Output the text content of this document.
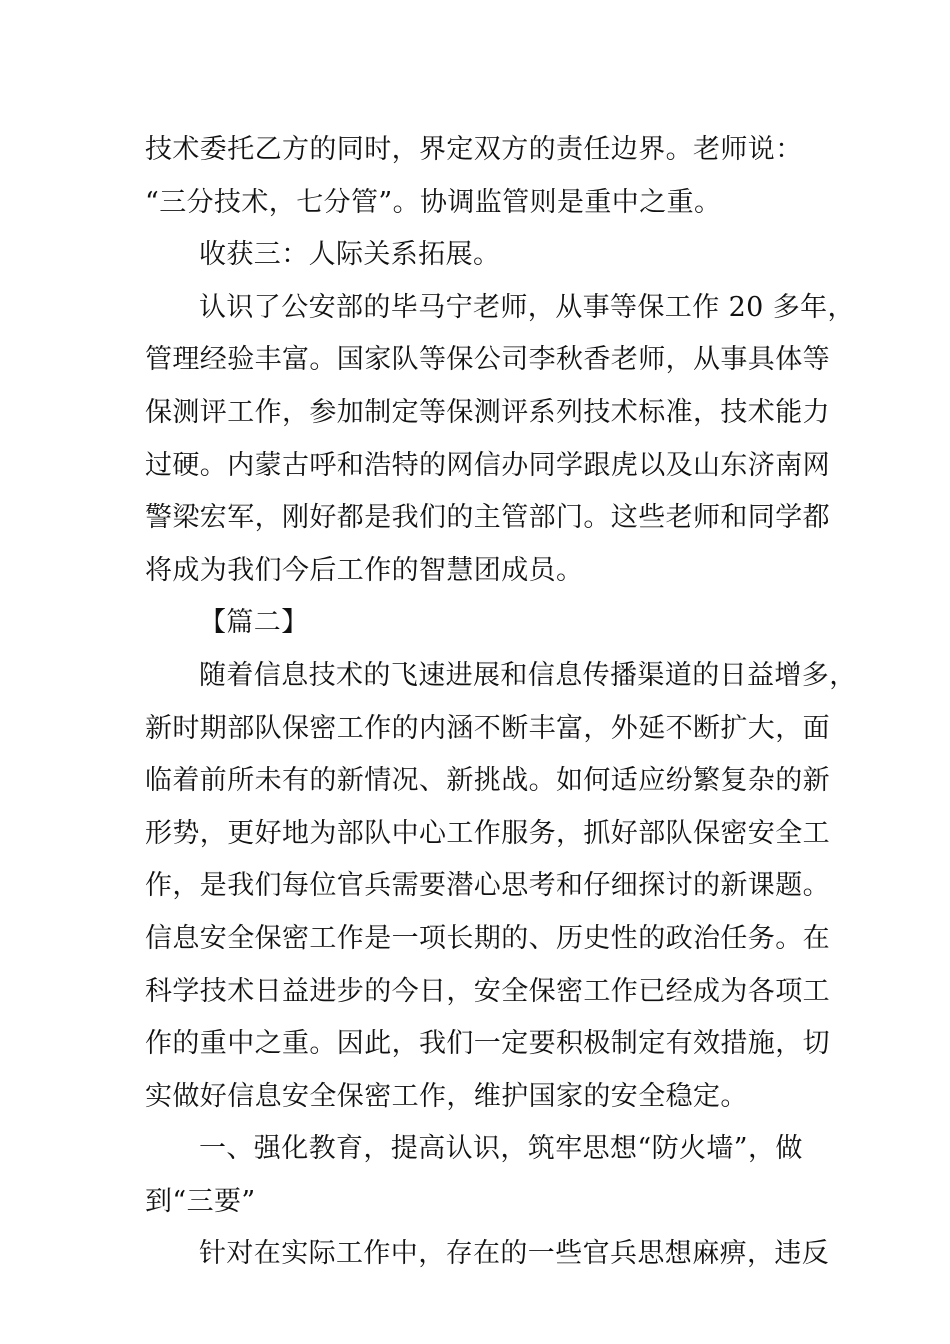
技术委托乙方的同时，界定双方的责任边界。老师说：
“三分技术，七分管”。协调监管则是重中之重。
收获三：人际关系拓展。
认识了公安部的毕马宁老师，从事等保工作 20 多年，
管理经验丰富。国家队等保公司李秋香老师，从事具体等
保测评工作，参加制定等保测评系列技术标准，技术能力
过硬。内蒙古呼和浩特的网信办同学跟虎以及山东济南网
警梁宏军，刚好都是我们的主管部门。这些老师和同学都
将成为我们今后工作的智慧团成员。
【篇二】
随着信息技术的飞速进展和信息传播渠道的日益增多，
新时期部队保密工作的内涵不断丰富，外延不断扩大，面
临着前所未有的新情况、新挑战。如何适应纷繁复杂的新
形势，更好地为部队中心工作服务，抓好部队保密安全工
作，是我们每位官兵需要潜心思考和仔细探讨的新课题。
信息安全保密工作是一项长期的、历史性的政治任务。在
科学技术日益进步的今日，安全保密工作已经成为各项工
作的重中之重。因此，我们一定要积极制定有效措施，切
实做好信息安全保密工作，维护国家的安全稳定。
一、强化教育，提高认识，筑牢思想“防火墙”，做
到“三要”
针对在实际工作中，存在的一些官兵思想麻痹，违反
